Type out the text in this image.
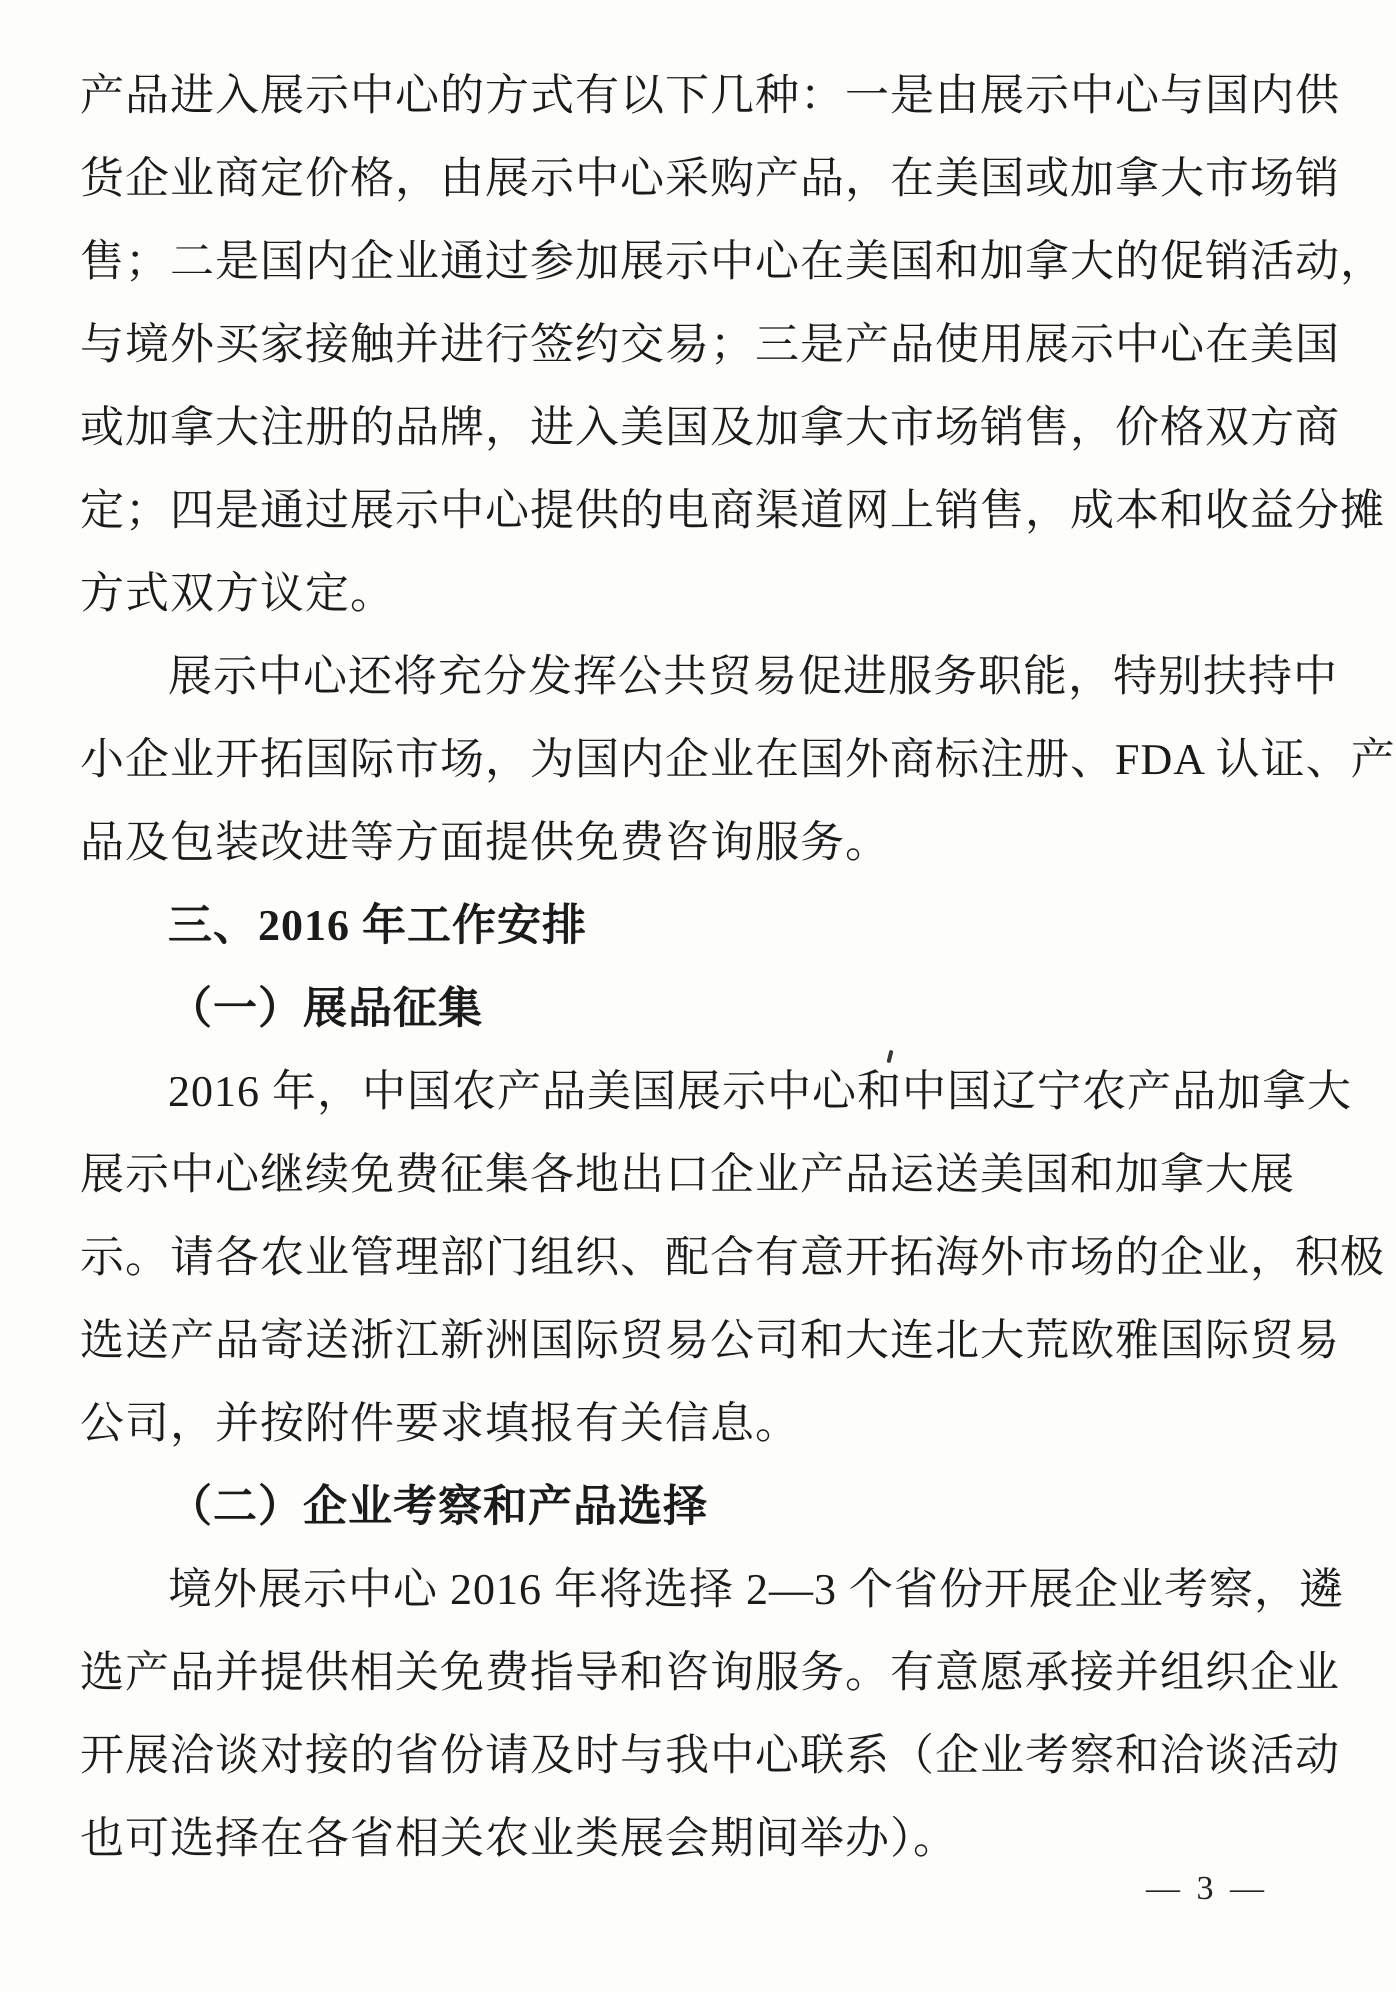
产品进入展示中心的方式有以下几种：一是由展示中心与国内供
货企业商定价格，由展示中心采购产品，在美国或加拿大市场销
售；二是国内企业通过参加展示中心在美国和加拿大的促销活动，
与境外买家接触并进行签约交易；三是产品使用展示中心在美国
或加拿大注册的品牌，进入美国及加拿大市场销售，价格双方商
定；四是通过展示中心提供的电商渠道网上销售，成本和收益分摊
方式双方议定。
展示中心还将充分发挥公共贸易促进服务职能，特别扶持中
小企业开拓国际市场，为国内企业在国外商标注册、FDA 认证、产
品及包装改进等方面提供免费咨询服务。
三、2016 年工作安排
（一）展品征集
2016 年，中国农产品美国展示中心和中国辽宁农产品加拿大
展示中心继续免费征集各地出口企业产品运送美国和加拿大展
示。请各农业管理部门组织、配合有意开拓海外市场的企业，积极
选送产品寄送浙江新洲国际贸易公司和大连北大荒欧雅国际贸易
公司，并按附件要求填报有关信息。
（二）企业考察和产品选择
境外展示中心 2016 年将选择 2—3 个省份开展企业考察，遴
选产品并提供相关免费指导和咨询服务。有意愿承接并组织企业
开展洽谈对接的省份请及时与我中心联系（企业考察和洽谈活动
也可选择在各省相关农业类展会期间举办）。
— 3 —
